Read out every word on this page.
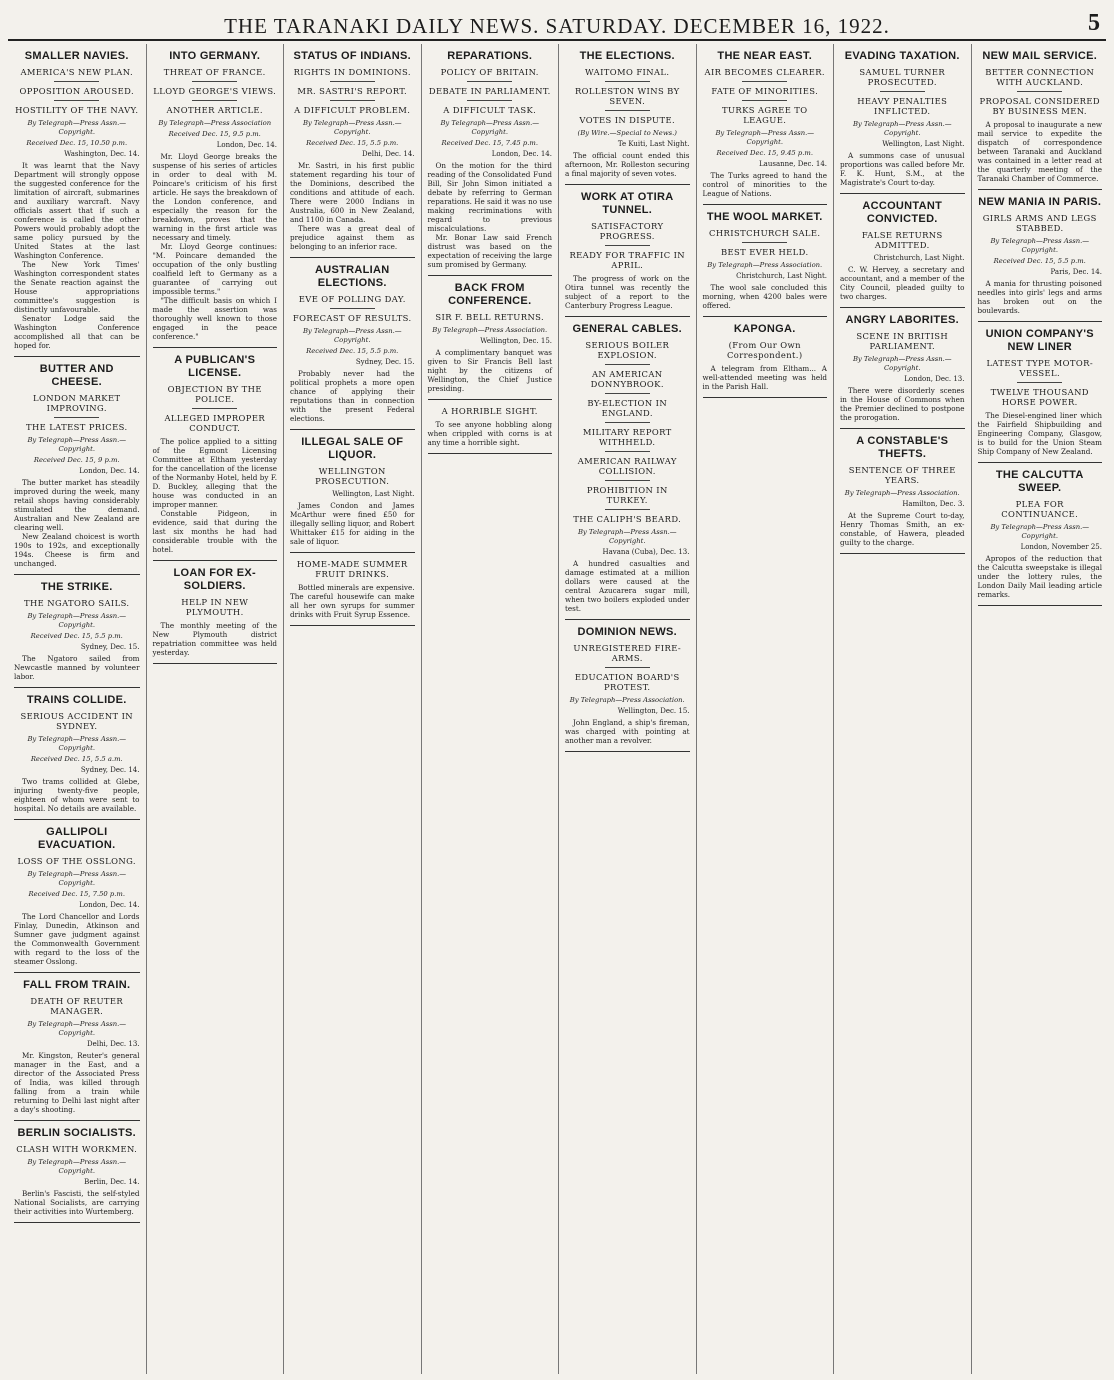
THE TARANAKI DAILY NEWS. SATURDAY. DECEMBER 16, 1922.	5
SMALLER NAVIES.
AMERICA'S NEW PLAN.
OPPOSITION AROUSED.
HOSTILITY OF THE NAVY.
By Telegraph—Press Assn.—Copyright.
Received Dec. 15, 10.50 p.m.
Washington, Dec. 14.

It was learnt that the Navy Department will strongly oppose the suggested conference for the limitation of aircraft, submarines and auxiliary warcraft. Navy officials assert that if such a conference is called the other Powers would probably adopt the same policy pursued by the United States at the last Washington Conference.

The New York Times' Washington correspondent states the Senate reaction against the House appropriations committee's suggestion is distinctly unfavourable.

Senator Lodge said the Washington Conference accomplished all that can be hoped for.

BUTTER AND CHEESE.
LONDON MARKET IMPROVING.
THE LATEST PRICES.
By Telegraph—Press Assn.—Copyright.
Received Dec. 15, 9 p.m.
London, Dec. 14.

The butter market has steadily improved during the week, many retail shops having considerably stimulated the demand. Australian and New Zealand are clearing well.

New Zealand choicest is worth 190s to 192s, and exceptionally 194s. Cheese is firm and unchanged.

THE STRIKE.
THE NGATORO SAILS.
By Telegraph—Press Assn.—Copyright.
Received Dec. 15, 5.5 p.m.
Sydney, Dec. 15.

The Ngatoro sailed from Newcastle manned by volunteer labor.

TRAINS COLLIDE.
SERIOUS ACCIDENT IN SYDNEY.
By Telegraph—Press Assn.—Copyright.
Received Dec. 15, 5.5 a.m.
Sydney, Dec. 14.

Two trams collided at Glebe, injuring twenty-five people, eighteen of whom were sent to hospital. No details are available.

GALLIPOLI EVACUATION.
LOSS OF THE OSSLONG.
By Telegraph—Press Assn.—Copyright.
Received Dec. 15, 7.50 p.m.
London, Dec. 14.

The Lord Chancellor and Lords Finlay, Dunedin, Atkinson and Sumner gave judgment against the Commonwealth Government with regard to the loss of the steamer Osslong.

FALL FROM TRAIN.
DEATH OF REUTER MANAGER.
By Telegraph—Press Assn.—Copyright.
Delhi, Dec. 13.

Mr. Kingston, Reuter's general manager in the East, and a director of the Associated Press of India, was killed through falling from a train while returning to Delhi last night after a day's shooting.

BERLIN SOCIALISTS.
CLASH WITH WORKMEN.
By Telegraph—Press Assn.—Copyright.
Berlin, Dec. 14.

Berlin's Fascisti, the self-styled National Socialists, are carrying their activities into Wurtemberg.

INTO GERMANY.
THREAT OF FRANCE.
LLOYD GEORGE'S VIEWS.
ANOTHER ARTICLE.
By Telegraph—Press Association
Received Dec. 15, 9.5 p.m.
London, Dec. 14.

Mr. Lloyd George breaks the suspense of his series of articles in order to deal with M. Poincare's criticism of his first article. He says the breakdown of the London conference, and especially the reason for the breakdown, proves that the warning in the first article was necessary and timely.

Mr. Lloyd George continues: "M. Poincare demanded the occupation of the only bustling coalfield left to Germany as a guarantee of carrying out impossible terms."

"The difficult basis on which I made the assertion was thoroughly well known to those engaged in the peace conference."

A PUBLICAN'S LICENSE.
OBJECTION BY THE POLICE.
ALLEGED IMPROPER CONDUCT.

The police applied to a sitting of the Egmont Licensing Committee at Eltham yesterday for the cancellation of the license of the Normanby Hotel, held by F. D. Buckley, alleging that the house was conducted in an improper manner.

Constable Pidgeon, in evidence, said that during the last six months he had had considerable trouble with the hotel.

LOAN FOR EX-SOLDIERS.
HELP IN NEW PLYMOUTH.

The monthly meeting of the New Plymouth district repatriation committee was held yesterday.

STATUS OF INDIANS.
RIGHTS IN DOMINIONS.
MR. SASTRI'S REPORT.
A DIFFICULT PROBLEM.
By Telegraph—Press Assn.—Copyright.
Received Dec. 15, 5.5 p.m.
Delhi, Dec. 14.

Mr. Sastri, in his first public statement regarding his tour of the Dominions, described the conditions and attitude of each. There were 2000 Indians in Australia, 600 in New Zealand, and 1100 in Canada.

There was a great deal of prejudice against them as belonging to an inferior race.

AUSTRALIAN ELECTIONS.
EVE OF POLLING DAY.
FORECAST OF RESULTS.
By Telegraph—Press Assn.—Copyright.
Received Dec. 15, 5.5 p.m.
Sydney, Dec. 15.

Probably never had the political prophets a more open chance of applying their reputations than in connection with the present Federal elections.

ILLEGAL SALE OF LIQUOR.
WELLINGTON PROSECUTION.
Wellington, Last Night.

James Condon and James McArthur were fined £50 for illegally selling liquor, and Robert Whittaker £15 for aiding in the sale of liquor.

HOME-MADE SUMMER FRUIT DRINKS.

Bottled minerals are expensive. The careful housewife can make all her own syrups for summer drinks with Fruit Syrup Essence.

REPARATIONS.
POLICY OF BRITAIN.
DEBATE IN PARLIAMENT.
A DIFFICULT TASK.
By Telegraph—Press Assn.—Copyright.
Received Dec. 15, 7.45 p.m.
London, Dec. 14.

On the motion for the third reading of the Consolidated Fund Bill, Sir John Simon initiated a debate by referring to German reparations. He said it was no use making recriminations with regard to previous miscalculations.

Mr. Bonar Law said French distrust was based on the expectation of receiving the large sum promised by Germany.

BACK FROM CONFERENCE.
SIR F. BELL RETURNS.
By Telegraph—Press Association.
Wellington, Dec. 15.

A complimentary banquet was given to Sir Francis Bell last night by the citizens of Wellington, the Chief Justice presiding.

A HORRIBLE SIGHT.

To see anyone hobbling along when crippled with corns is at any time a horrible sight.

THE ELECTIONS.
WAITOMO FINAL.
ROLLESTON WINS BY SEVEN.
VOTES IN DISPUTE.
(By Wire.—Special to News.)
Te Kuiti, Last Night.

The official count ended this afternoon, Mr. Rolleston securing a final majority of seven votes.

WORK AT OTIRA TUNNEL.
SATISFACTORY PROGRESS.
READY FOR TRAFFIC IN APRIL.

The progress of work on the Otira tunnel was recently the subject of a report to the Canterbury Progress League.

GENERAL CABLES.
SERIOUS BOILER EXPLOSION.
AN AMERICAN DONNYBROOK.
BY-ELECTION IN ENGLAND.
MILITARY REPORT WITHHELD.
AMERICAN RAILWAY COLLISION.
PROHIBITION IN TURKEY.
THE CALIPH'S BEARD.
By Telegraph—Press Assn.—Copyright.
Havana (Cuba), Dec. 13.

A hundred casualties and damage estimated at a million dollars were caused at the central Azucarera sugar mill, when two boilers exploded under test.

DOMINION NEWS.
UNREGISTERED FIRE-ARMS.
EDUCATION BOARD'S PROTEST.
By Telegraph—Press Association.
Wellington, Dec. 15.

John England, a ship's fireman, was charged with pointing at another man a revolver.

THE NEAR EAST.
AIR BECOMES CLEARER.
FATE OF MINORITIES.
TURKS AGREE TO LEAGUE.
By Telegraph—Press Assn.—Copyright.
Received Dec. 15, 9.45 p.m.
Lausanne, Dec. 14.

The Turks agreed to hand the control of minorities to the League of Nations.

THE WOOL MARKET.
CHRISTCHURCH SALE.
BEST EVER HELD.
By Telegraph—Press Association.
Christchurch, Last Night.

The wool sale concluded this morning, when 4200 bales were offered.

KAPONGA.
(From Our Own Correspondent.)

A telegram from Eltham... A well-attended meeting was held in the Parish Hall.

EVADING TAXATION.
SAMUEL TURNER PROSECUTED.
HEAVY PENALTIES INFLICTED.
By Telegraph—Press Assn.—Copyright.
Wellington, Last Night.

A summons case of unusual proportions was called before Mr. F. K. Hunt, S.M., at the Magistrate's Court to-day.

ACCOUNTANT CONVICTED.
FALSE RETURNS ADMITTED.
Christchurch, Last Night.

C. W. Hervey, a secretary and accountant, and a member of the City Council, pleaded guilty to two charges.

ANGRY LABORITES.
SCENE IN BRITISH PARLIAMENT.
By Telegraph—Press Assn.—Copyright.
London, Dec. 13.

There were disorderly scenes in the House of Commons when the Premier declined to postpone the prorogation.

A CONSTABLE'S THEFTS.
SENTENCE OF THREE YEARS.
By Telegraph—Press Association.
Hamilton, Dec. 3.

At the Supreme Court to-day, Henry Thomas Smith, an ex-constable, of Hawera, pleaded guilty to the charge.

NEW MAIL SERVICE.
BETTER CONNECTION WITH AUCKLAND.
PROPOSAL CONSIDERED BY BUSINESS MEN.

A proposal to inaugurate a new mail service to expedite the dispatch of correspondence between Taranaki and Auckland was contained in a letter read at the quarterly meeting of the Taranaki Chamber of Commerce.

NEW MANIA IN PARIS.
GIRLS ARMS AND LEGS STABBED.
By Telegraph—Press Assn.—Copyright.
Received Dec. 15, 5.5 p.m.
Paris, Dec. 14.

A mania for thrusting poisoned needles into girls' legs and arms has broken out on the boulevards.

UNION COMPANY'S NEW LINER
LATEST TYPE MOTOR-VESSEL.
TWELVE THOUSAND HORSE POWER.

The Diesel-engined liner which the Fairfield Shipbuilding and Engineering Company, Glasgow, is to build for the Union Steam Ship Company of New Zealand.

THE CALCUTTA SWEEP.
PLEA FOR CONTINUANCE.
By Telegraph—Press Assn.—Copyright.
London, November 25.

Apropos of the reduction that the Calcutta sweepstake is illegal under the lottery rules, the London Daily Mail leading article remarks.
